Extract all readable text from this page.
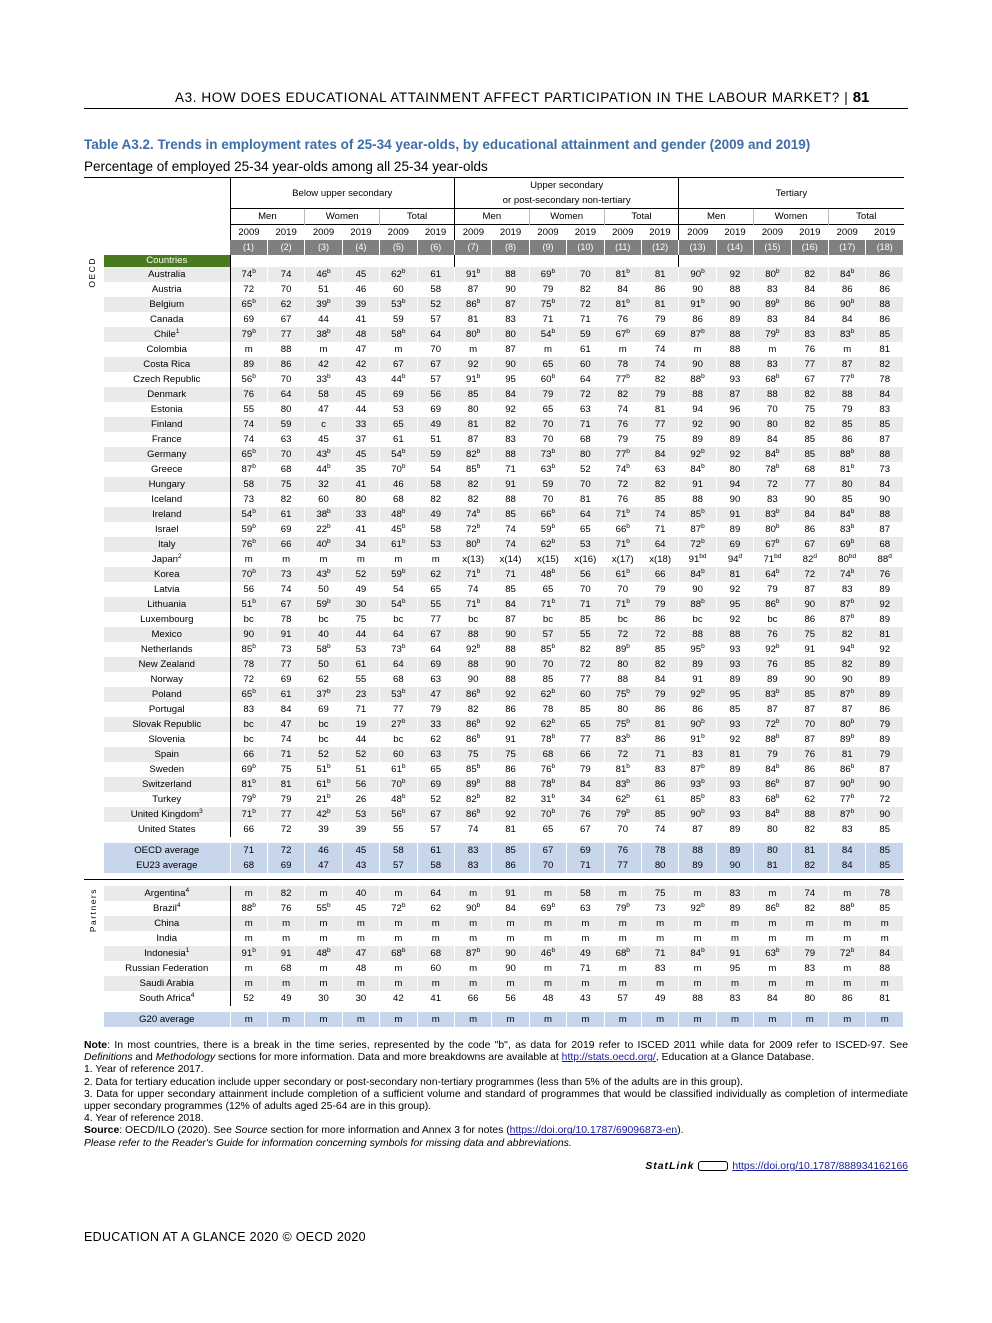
A3. HOW DOES EDUCATIONAL ATTAINMENT AFFECT PARTICIPATION IN THE LABOUR MARKET? | 81
Table A3.2. Trends in employment rates of 25-34 year-olds, by educational attainment and gender (2009 and 2019)
Percentage of employed 25-34 year-olds among all 25-34 year-olds
		Below upper secondary						Upper secondary
or post-secondary non-tertiary						Tertiary					
		Men		Women		Total		Men		Women		Total		Men		Women		Total	
		2009	2019	2009	2019	2009	2019	2009	2019	2009	2019	2009	2019	2009	2019	2009	2019	2009	2019
		(1)	(2)	(3)	(4)	(5)	(6)	(7)	(8)	(9)	(10)	(11)	(12)	(13)	(14)	(15)	(16)	(17)	(18)

OECD	Countries																		
	Australia	74$^b$	74	46$^b$	45	62$^b$	61	91$^b$	88	69$^b$	70	81$^b$	81	90$^b$	92	80$^b$	82	84$^b$	86
	Austria	72	70	51	46	60	58	87	90	79	82	84	86	90	88	83	84	86	86
	Belgium	65$^b$	62	39$^b$	39	53$^b$	52	86$^b$	87	75$^b$	72	81$^b$	81	91$^b$	90	89$^b$	86	90$^b$	88
	Canada	69	67	44	41	59	57	81	83	71	71	76	79	86	89	83	84	84	86
	Chile$^1$	79$^b$	77	38$^b$	48	58$^b$	64	80$^b$	80	54$^b$	59	67$^b$	69	87$^b$	88	79$^b$	83	83$^b$	85
	Colombia	m	88	m	47	m	70	m	87	m	61	m	74	m	88	m	76	m	81
	Costa Rica	89	86	42	42	67	67	92	90	65	60	78	74	90	88	83	77	87	82
	Czech Republic	56$^b$	70	33$^b$	43	44$^b$	57	91$^b$	95	60$^b$	64	77$^b$	82	88$^b$	93	68$^b$	67	77$^b$	78
	Denmark	76	64	58	45	69	56	85	84	79	72	82	79	88	87	88	82	88	84
	Estonia	55	80	47	44	53	69	80	92	65	63	74	81	94	96	70	75	79	83
	Finland	74	59	c	33	65	49	81	82	70	71	76	77	92	90	80	82	85	85
	France	74	63	45	37	61	51	87	83	70	68	79	75	89	89	84	85	86	87
	Germany	65$^b$	70	43$^b$	45	54$^b$	59	82$^b$	88	73$^b$	80	77$^b$	84	92$^b$	92	84$^b$	85	88$^b$	88
	Greece	87$^b$	68	44$^b$	35	70$^b$	54	85$^b$	71	63$^b$	52	74$^b$	63	84$^b$	80	78$^b$	68	81$^b$	73
	Hungary	58	75	32	41	46	58	82	91	59	70	72	82	91	94	72	77	80	84
	Iceland	73	82	60	80	68	82	82	88	70	81	76	85	88	90	83	90	85	90
	Ireland	54$^b$	61	38$^b$	33	48$^b$	49	74$^b$	85	66$^b$	64	71$^b$	74	85$^b$	91	83$^b$	84	84$^b$	88
	Israel	59$^b$	69	22$^b$	41	45$^b$	58	72$^b$	74	59$^b$	65	66$^b$	71	87$^b$	89	80$^b$	86	83$^b$	87
	Italy	76$^b$	66	40$^b$	34	61$^b$	53	80$^b$	74	62$^b$	53	71$^b$	64	72$^b$	69	67$^b$	67	69$^b$	68
	Japan$^2$	m	m	m	m	m	m	x(13)	x(14)	x(15)	x(16)	x(17)	x(18)	$91^{bd}$	94$^d$	$71^{bd}$	82$^d$	$80^{bd}$	88$^d$
	Korea	70$^b$	73	43$^b$	52	59$^b$	62	71$^b$	71	48$^b$	56	61$^b$	66	84$^b$	81	64$^b$	72	74$^b$	76
	Latvia	56	74	50	49	54	65	74	85	65	70	70	79	90	92	79	87	83	89
	Lithuania	51$^b$	67	59$^b$	30	54$^b$	55	71$^b$	84	71$^b$	71	71$^b$	79	88$^b$	95	86$^b$	90	87$^b$	92
	Luxembourg	bc	78	bc	75	bc	77	bc	87	bc	85	bc	86	bc	92	bc	86	87$^b$	89
	Mexico	90	91	40	44	64	67	88	90	57	55	72	72	88	88	76	75	82	81
	Netherlands	85$^b$	73	58$^b$	53	73$^b$	64	92$^b$	88	85$^b$	82	89$^b$	85	95$^b$	93	92$^b$	91	94$^b$	92
	New Zealand	78	77	50	61	64	69	88	90	70	72	80	82	89	93	76	85	82	89
	Norway	72	69	62	55	68	63	90	88	85	77	88	84	91	89	89	90	90	89
	Poland	65$^b$	61	37$^b$	23	53$^b$	47	86$^b$	92	62$^b$	60	75$^b$	79	92$^b$	95	83$^b$	85	87$^b$	89
	Portugal	83	84	69	71	77	79	82	86	78	85	80	86	86	85	87	87	87	86
	Slovak Republic	bc	47	bc	19	27$^b$	33	86$^b$	92	62$^b$	65	75$^b$	81	90$^b$	93	72$^b$	70	80$^b$	79
	Slovenia	bc	74	bc	44	bc	62	86$^b$	91	78$^b$	77	83$^b$	86	91$^b$	92	88$^b$	87	89$^b$	89
	Spain	66	71	52	52	60	63	75	75	68	66	72	71	83	81	79	76	81	79
	Sweden	69$^b$	75	51$^b$	51	61$^b$	65	85$^b$	86	76$^b$	79	81$^b$	83	87$^b$	89	84$^b$	86	86$^b$	87
	Switzerland	81$^b$	81	61$^b$	56	70$^b$	69	89$^b$	88	78$^b$	84	83$^b$	86	93$^b$	93	86$^b$	87	90$^b$	90
	Turkey	79$^b$	79	21$^b$	26	48$^b$	52	82$^b$	82	31$^b$	34	62$^b$	61	85$^b$	83	68$^b$	62	77$^b$	72
	United Kingdom$^3$	71$^b$	77	42$^b$	53	56$^b$	67	86$^b$	92	70$^b$	76	79$^b$	85	90$^b$	93	84$^b$	88	87$^b$	90
	United States	66	72	39	39	55	57	74	81	65	67	70	74	87	89	80	82	83	85

	OECD average	71	72	46	45	58	61	83	85	67	69	76	78	88	89	80	81	84	85
	EU23 average	68	69	47	43	57	58	83	86	70	71	77	80	89	90	81	82	84	85

Partners	Argentina$^4$	m	82	m	40	m	64	m	91	m	58	m	75	m	83	m	74	m	78
	Brazil$^4$	88$^b$	76	55$^b$	45	72$^b$	62	90$^b$	84	69$^b$	63	79$^b$	73	92$^b$	89	86$^b$	82	88$^b$	85
	China	m	m	m	m	m	m	m	m	m	m	m	m	m	m	m	m	m	m
	India	m	m	m	m	m	m	m	m	m	m	m	m	m	m	m	m	m	m
	Indonesia$^1$	91$^b$	91	48$^b$	47	68$^b$	68	87$^b$	90	46$^b$	49	68$^b$	71	84$^b$	91	63$^b$	79	72$^b$	84
	Russian Federation	m	68	m	48	m	60	m	90	m	71	m	83	m	95	m	83	m	88
	Saudi Arabia	m	m	m	m	m	m	m	m	m	m	m	m	m	m	m	m	m	m
	South Africa$^4$	52	49	30	30	42	41	66	56	48	43	57	49	88	83	84	80	86	81

	G20 average	m	m	m	m	m	m	m	m	m	m	m	m	m	m	m	m	m	m

Note: In most countries, there is a break in the time series, represented by the code "b", as data for 2019 refer to ISCED 2011 while data for 2009 refer to ISCED-97. See Definitions and Methodology sections for more information. Data and more breakdowns are available at http://stats.oecd.org/, Education at a Glance Database.

1. Year of reference 2017.

2. Data for tertiary education include upper secondary or post-secondary non-tertiary programmes (less than 5% of the adults are in this group).

3. Data for upper secondary attainment include completion of a sufficient volume and standard of programmes that would be classified individually as completion of intermediate upper secondary programmes (12% of adults aged 25-64 are in this group).

4. Year of reference 2018.

Source: OECD/ILO (2020). See Source section for more information and Annex 3 for notes (https://doi.org/10.1787/69096873-en).

Please refer to the Reader's Guide for information concerning symbols for missing data and abbreviations.

StatLink	https://doi.org/10.1787/888934162166
EDUCATION AT A GLANCE 2020 © OECD 2020
